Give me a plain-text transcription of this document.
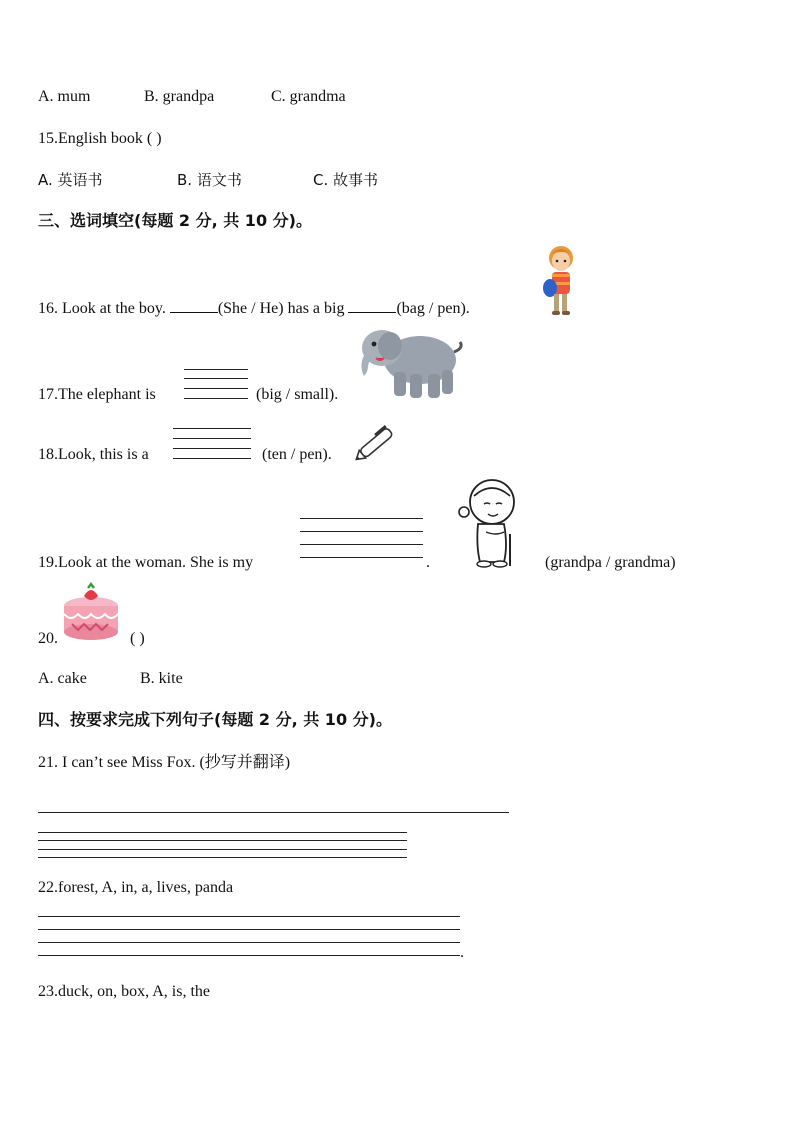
A. mum	B. grandpa	C. grandma
15.English book ( )
A. 英语书	B. 语文书	C. 故事书
三、选词填空(每题 2 分, 共 10 分)。
16. Look at the boy.	(She / He) has a big	(bag / pen).
17.The elephant is	(big / small).
18.Look, this is a	(ten / pen).
19.Look at the woman. She is my	.	(grandpa / grandma)
20.	( )
A. cake	B. kite
四、按要求完成下列句子(每题 2 分, 共 10 分)。
21. I can’t see Miss Fox. (抄写并翻译)
22.forest, A, in, a, lives, panda
.
23.duck, on, box, A, is, the
